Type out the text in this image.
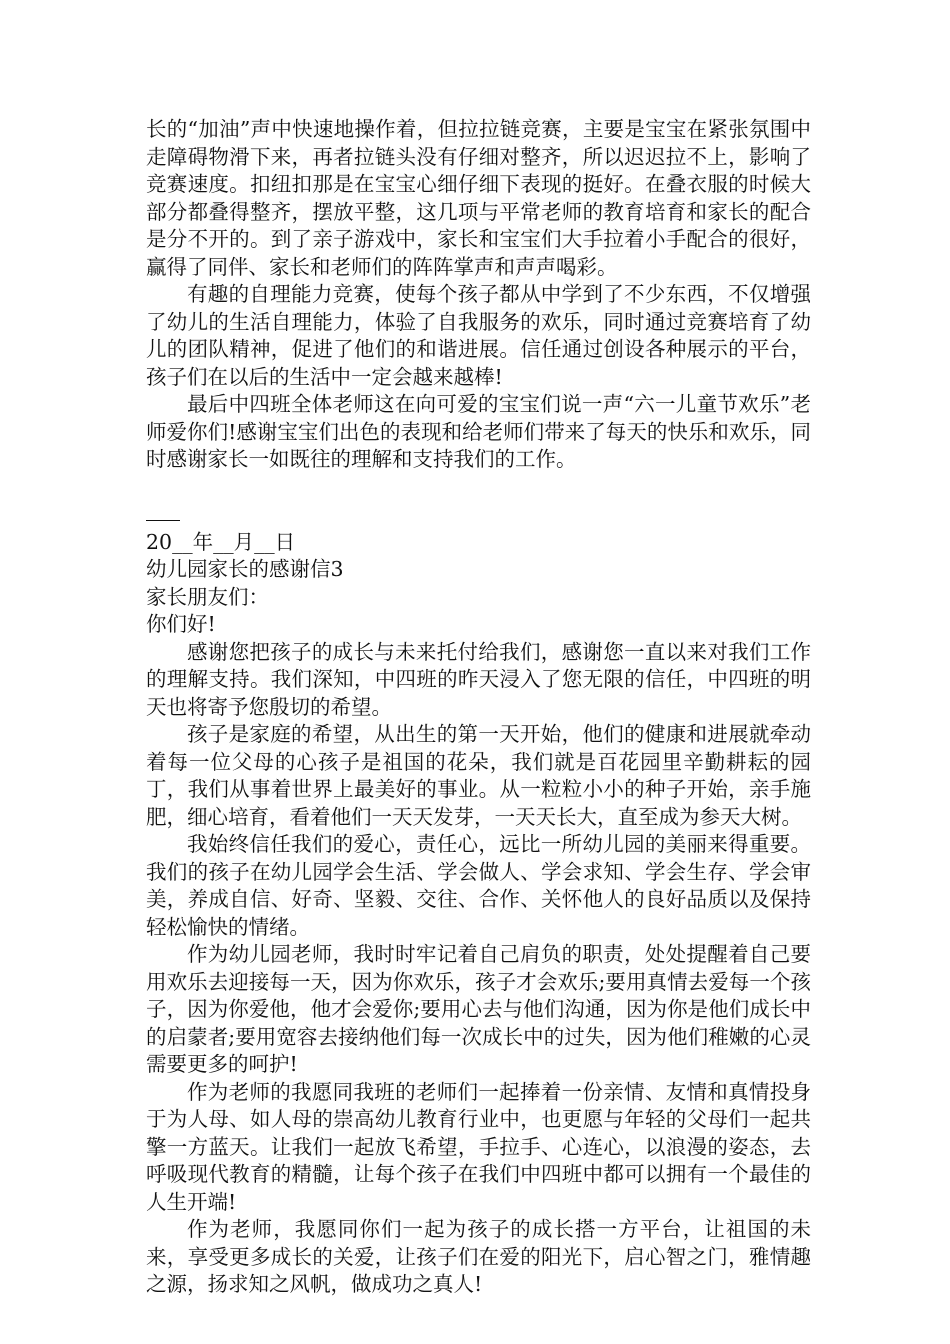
长的“加油”声中快速地操作着，但拉拉链竞赛，主要是宝宝在紧张氛围中走障碍物滑下来，再者拉链头没有仔细对整齐，所以迟迟拉不上，影响了竞赛速度。扣纽扣那是在宝宝心细仔细下表现的挺好。在叠衣服的时候大部分都叠得整齐，摆放平整，这几项与平常老师的教育培育和家长的配合是分不开的。到了亲子游戏中，家长和宝宝们大手拉着小手配合的很好，赢得了同伴、家长和老师们的阵阵掌声和声声喝彩。

有趣的自理能力竞赛，使每个孩子都从中学到了不少东西，不仅增强了幼儿的生活自理能力，体验了自我服务的欢乐，同时通过竞赛培育了幼儿的团队精神，促进了他们的和谐进展。信任通过创设各种展示的平台，孩子们在以后的生活中一定会越来越棒!

最后中四班全体老师这在向可爱的宝宝们说一声“六一儿童节欢乐”老师爱你们!感谢宝宝们出色的表现和给老师们带来了每天的快乐和欢乐，同时感谢家长一如既往的理解和支持我们的工作。

20__年__月__日

幼儿园家长的感谢信3

家长朋友们：

你们好!

感谢您把孩子的成长与未来托付给我们，感谢您一直以来对我们工作的理解支持。我们深知，中四班的昨天浸入了您无限的信任，中四班的明天也将寄予您殷切的希望。

孩子是家庭的希望，从出生的第一天开始，他们的健康和进展就牵动着每一位父母的心孩子是祖国的花朵，我们就是百花园里辛勤耕耘的园丁，我们从事着世界上最美好的事业。从一粒粒小小的种子开始，亲手施肥，细心培育，看着他们一天天发芽，一天天长大，直至成为参天大树。

我始终信任我们的爱心，责任心，远比一所幼儿园的美丽来得重要。我们的孩子在幼儿园学会生活、学会做人、学会求知、学会生存、学会审美，养成自信、好奇、坚毅、交往、合作、关怀他人的良好品质以及保持轻松愉快的情绪。

作为幼儿园老师，我时时牢记着自己肩负的职责，处处提醒着自己要用欢乐去迎接每一天，因为你欢乐，孩子才会欢乐;要用真情去爱每一个孩子，因为你爱他，他才会爱你;要用心去与他们沟通，因为你是他们成长中的启蒙者;要用宽容去接纳他们每一次成长中的过失，因为他们稚嫩的心灵需要更多的呵护!

作为老师的我愿同我班的老师们一起捧着一份亲情、友情和真情投身于为人母、如人母的崇高幼儿教育行业中，也更愿与年轻的父母们一起共擎一方蓝天。让我们一起放飞希望，手拉手、心连心，以浪漫的姿态，去呼吸现代教育的精髓，让每个孩子在我们中四班中都可以拥有一个最佳的人生开端!

作为老师，我愿同你们一起为孩子的成长搭一方平台，让祖国的未来，享受更多成长的关爱，让孩子们在爱的阳光下，启心智之门，雅情趣之源，扬求知之风帆，做成功之真人!
